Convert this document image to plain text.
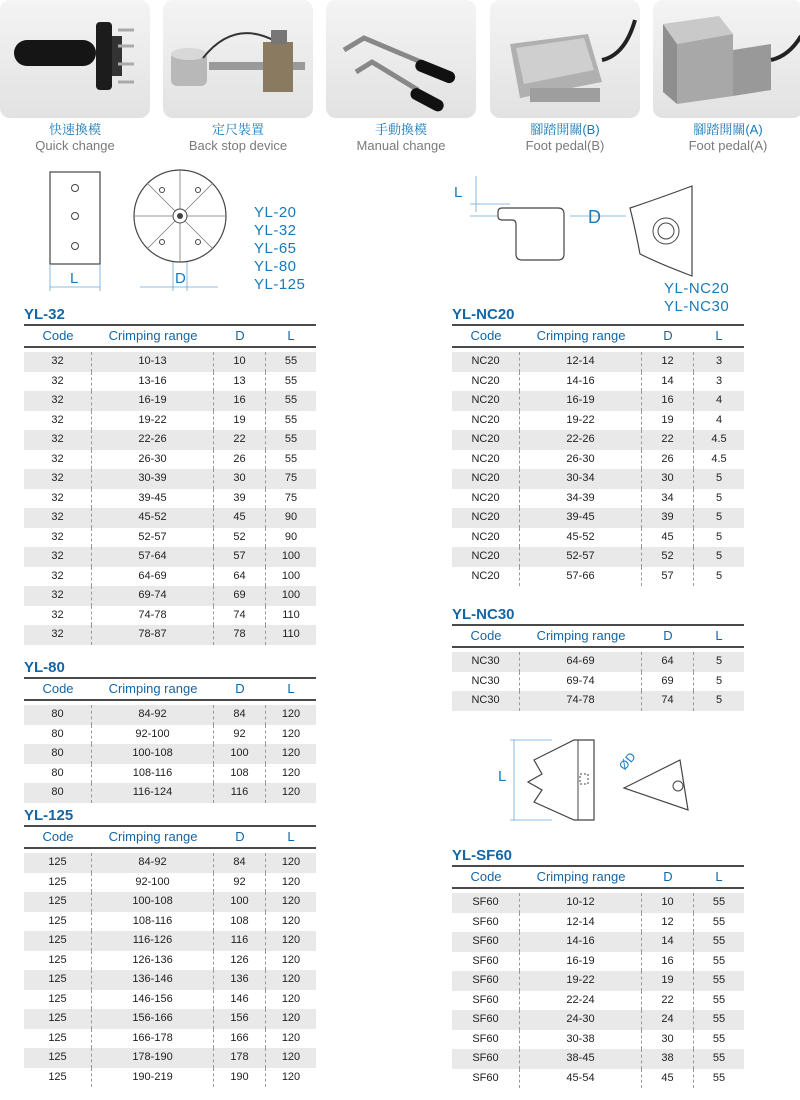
快速換模
Quick change
定尺裝置
Back stop device
手動換模
Manual change
腳踏開關(B)
Foot pedal(B)
腳踏開關(A)
Foot pedal(A)
L	D
YL-20
YL-32
YL-65
YL-80
YL-125
L
D
YL-NC20
YL-NC30
L
ØD
YL-32
Code	Crimping range	D	L
32	10-13	10	55
32	13-16	13	55
32	16-19	16	55
32	19-22	19	55
32	22-26	22	55
32	26-30	26	55
32	30-39	30	75
32	39-45	39	75
32	45-52	45	90
32	52-57	52	90
32	57-64	57	100
32	64-69	64	100
32	69-74	69	100
32	74-78	74	110
32	78-87	78	110
YL-80
Code	Crimping range	D	L
80	84-92	84	120
80	92-100	92	120
80	100-108	100	120
80	108-116	108	120
80	116-124	116	120
YL-125
Code	Crimping range	D	L
125	84-92	84	120
125	92-100	92	120
125	100-108	100	120
125	108-116	108	120
125	116-126	116	120
125	126-136	126	120
125	136-146	136	120
125	146-156	146	120
125	156-166	156	120
125	166-178	166	120
125	178-190	178	120
125	190-219	190	120
YL-NC20
Code	Crimping range	D	L
NC20	12-14	12	3
NC20	14-16	14	3
NC20	16-19	16	4
NC20	19-22	19	4
NC20	22-26	22	4.5
NC20	26-30	26	4.5
NC20	30-34	30	5
NC20	34-39	34	5
NC20	39-45	39	5
NC20	45-52	45	5
NC20	52-57	52	5
NC20	57-66	57	5
YL-NC30
Code	Crimping range	D	L
NC30	64-69	64	5
NC30	69-74	69	5
NC30	74-78	74	5
YL-SF60
Code	Crimping range	D	L
SF60	10-12	10	55
SF60	12-14	12	55
SF60	14-16	14	55
SF60	16-19	16	55
SF60	19-22	19	55
SF60	22-24	22	55
SF60	24-30	24	55
SF60	30-38	30	55
SF60	38-45	38	55
SF60	45-54	45	55
